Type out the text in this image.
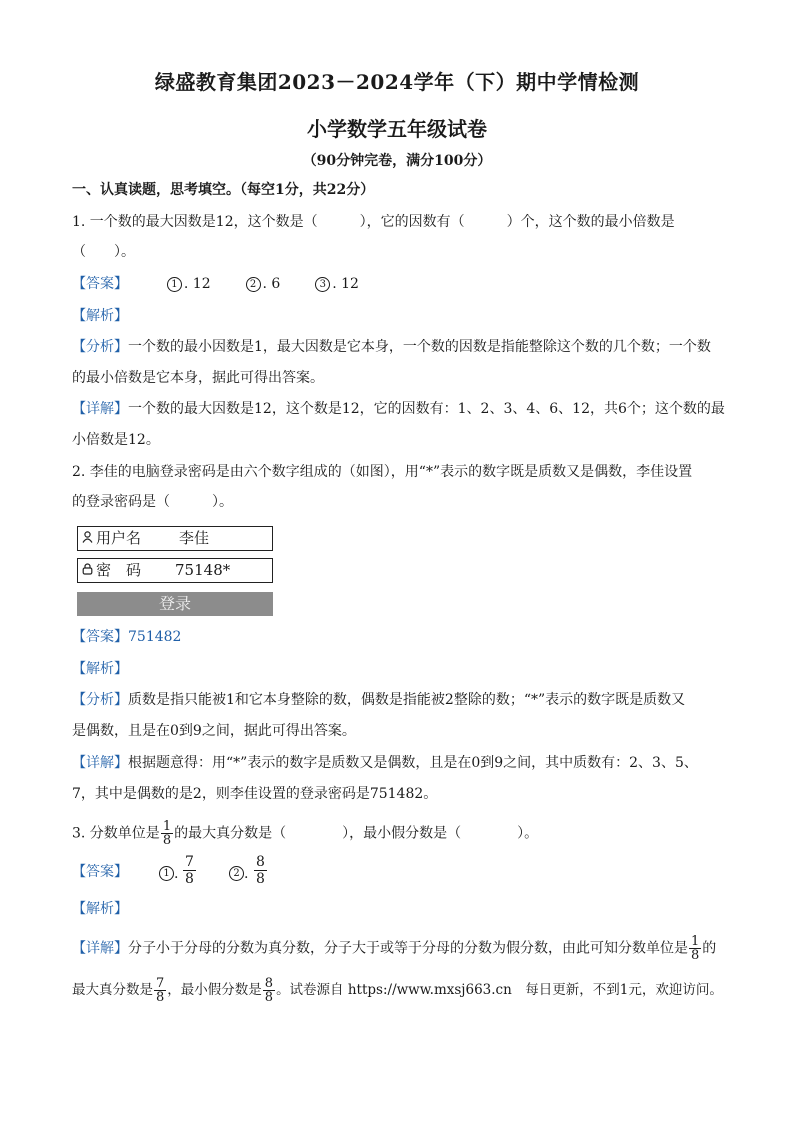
绿盛教育集团2023－2024学年（下）期中学情检测
小学数学五年级试卷
（90分钟完卷，满分100分）
一、认真读题，思考填空。（每空1分，共22分）
1. 一个数的最大因数是12，这个数是（　　　），它的因数有（　　　）个，这个数的最小倍数是
（　　）。
【答案】	1 . 12	2 . 6	3 . 12
【解析】
【分析】一个数的最小因数是1，最大因数是它本身，一个数的因数是指能整除这个数的几个数；一个数
的最小倍数是它本身，据此可得出答案。
【详解】一个数的最大因数是12，这个数是12，它的因数有：1、2、3、4、6、12，共6个；这个数的最
小倍数是12。
2. 李佳的电脑登录密码是由六个数字组成的（如图），用“*”表示的数字既是质数又是偶数，李佳设置
的登录密码是（　　　）。
用户名	李佳
密　码 75148*
登录
【答案】751482
【解析】
【分析】质数是指只能被1和它本身整除的数，偶数是指能被2整除的数；“*”表示的数字既是质数又
是偶数，且是在0到9之间，据此可得出答案。
【详解】根据题意得：用“*”表示的数字是质数又是偶数，且是在0到9之间，其中质数有：2、3、5、
7，其中是偶数的是2，则李佳设置的登录密码是751482。
3. 分数单位是 $\frac{1}{8}$ 的最大真分数是（　　　　），最小假分数是（　　　　）。
【答案】	1 . $\frac{7}{8}$	2 . $\frac{8}{8}$
【解析】
【详解】分子小于分母的分数为真分数，分子大于或等于分母的分数为假分数，由此可知分数单位是 $\frac{1}{8}$ 的
最大真分数是 $\frac{7}{8}$ ，最小假分数是 $\frac{8}{8}$ 。试卷源自 https://www.mxsj663.cn　每日更新，不到1元，欢迎访问。
